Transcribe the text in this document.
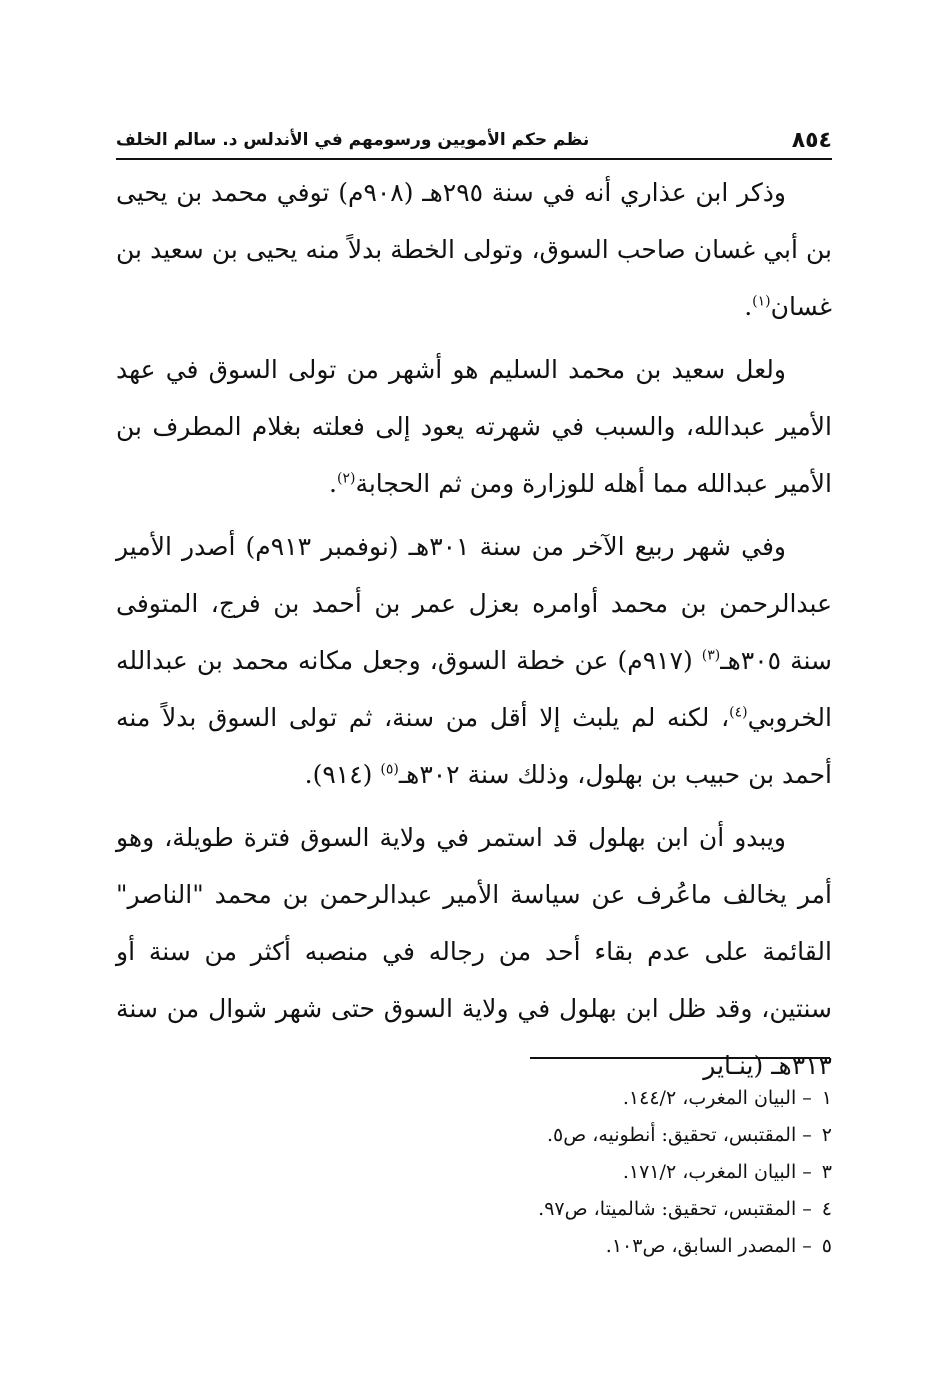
٨٥٤
نظم حكم الأمويين ورسومهم في الأندلس د. سالم الخلف

وذكر ابن عذاري أنه في سنة ٢٩٥هـ (٩٠٨م) توفي محمد بن يحيى بن أبي غسان صاحب السوق، وتولى الخطة بدلاً منه يحيى بن سعيد بن غسان$^{(١)}$.

ولعل سعيد بن محمد السليم هو أشهر من تولى السوق في عهد الأمير عبدالله، والسبب في شهرته يعود إلى فعلته بغلام المطرف بن الأمير عبدالله مما أهله للوزارة ومن ثم الحجابة$^{(٢)}$.

وفي شهر ربيع الآخر من سنة ٣٠١هـ (نوفمبر ٩١٣م) أصدر الأمير عبدالرحمن بن محمد أوامره بعزل عمر بن أحمد بن فرج، المتوفى سنة ٣٠٥هـ$^{(٣)}$ (٩١٧م) عن خطة السوق، وجعل مكانه محمد بن عبدالله الخروبي$^{(٤)}$، لكنه لم يلبث إلا أقل من سنة، ثم تولى السوق بدلاً منه أحمد بن حبيب بن بهلول، وذلك سنة ٣٠٢هـ$^{(٥)}$ (٩١٤).

ويبدو أن ابن بهلول قد استمر في ولاية السوق فترة طويلة، وهو أمر يخالف ماعُرف عن سياسة الأمير عبدالرحمن بن محمد "الناصر" القائمة على عدم بقاء أحد من رجاله في منصبه أكثر من سنة أو سنتين، وقد ظل ابن بهلول في ولاية السوق حتى شهر شوال من سنة ٣١٣هـ (ينـاير

١– البيان المغرب، ١٤٤/٢.
٢– المقتبس، تحقيق: أنطونيه، ص٥.
٣– البيان المغرب، ١٧١/٢.
٤– المقتبس، تحقيق: شالميتا، ص٩٧.
٥– المصدر السابق، ص١٠٣.
